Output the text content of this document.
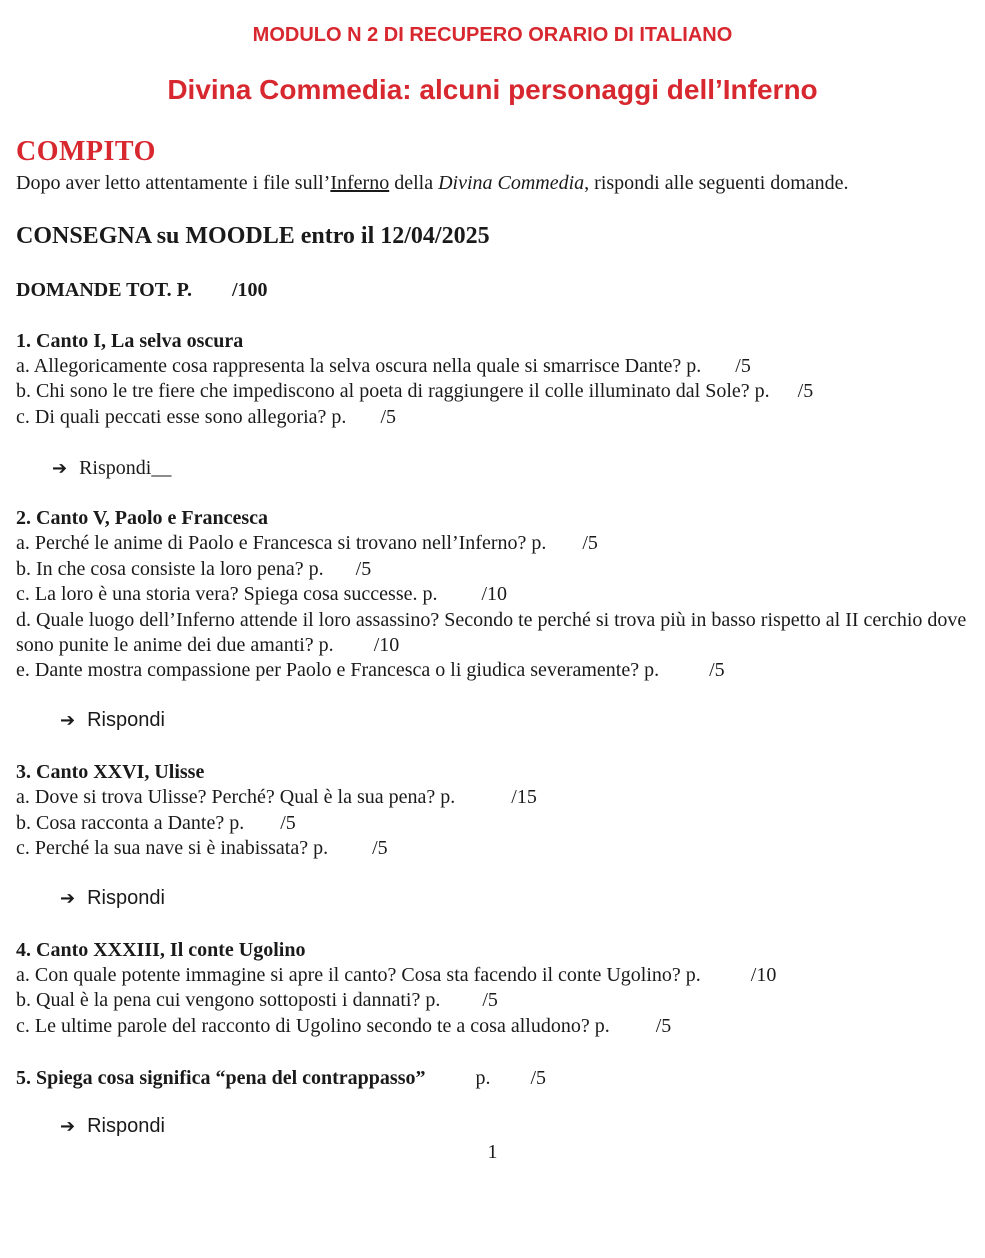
MODULO N 2 DI RECUPERO ORARIO DI ITALIANO
Divina Commedia: alcuni personaggi dell’Inferno
COMPITO
Dopo aver letto attentamente i file sull’Inferno della Divina Commedia, rispondi alle seguenti domande.
CONSEGNA su MOODLE entro il 12/04/2025
DOMANDE TOT. P. /100
1. Canto I, La selva oscura
a. Allegoricamente cosa rappresenta la selva oscura nella quale si smarrisce Dante? p. /5
b. Chi sono le tre fiere che impediscono al poeta di raggiungere il colle illuminato dal Sole? p. /5
c. Di quali peccati esse sono allegoria? p. /5
➔ Rispondi__
2. Canto V, Paolo e Francesca
a. Perché le anime di Paolo e Francesca si trovano nell’Inferno? p. /5
b. In che cosa consiste la loro pena? p. /5
c. La loro è una storia vera? Spiega cosa successe. p. /10
d. Quale luogo dell’Inferno attende il loro assassino? Secondo te perché si trova più in basso rispetto al II cerchio dove sono punite le anime dei due amanti? p. /10
e. Dante mostra compassione per Paolo e Francesca o li giudica severamente? p.	/5
➔ Rispondi
3. Canto XXVI, Ulisse
a. Dove si trova Ulisse? Perché? Qual è la sua pena? p.	/15
b. Cosa racconta a Dante? p. /5
c. Perché la sua nave si è inabissata? p. /5
➔ Rispondi
4. Canto XXXIII, Il conte Ugolino
a. Con quale potente immagine si apre il canto? Cosa sta facendo il conte Ugolino? p.	/10
b. Qual è la pena cui vengono sottoposti i dannati? p. /5
c. Le ultime parole del racconto di Ugolino secondo te a cosa alludono? p. /5
5. Spiega cosa significa “pena del contrappasso”	p. /5
➔ Rispondi
1
